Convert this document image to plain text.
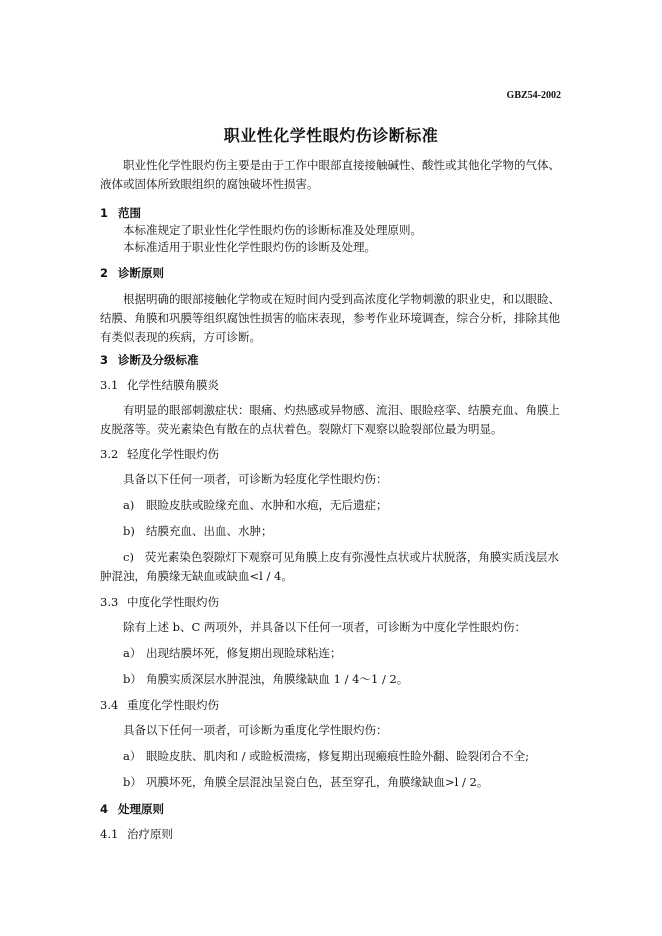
GBZ54-2002
职业性化学性眼灼伤诊断标准
职业性化学性眼灼伤主要是由于工作中眼部直接接触碱性、酸性或其他化学物的气体、液体或固体所致眼组织的腐蚀破坏性损害。
1 范围
本标准规定了职业性化学性眼灼伤的诊断标准及处理原则。
本标准适用于职业性化学性眼灼伤的诊断及处理。
2 诊断原则
根据明确的眼部接触化学物或在短时间内受到高浓度化学物刺激的职业史，和以眼睑、结膜、角膜和巩膜等组织腐蚀性损害的临床表现，参考作业环境调查，综合分析，排除其他有类似表现的疾病，方可诊断。
3 诊断及分级标准
3.1 化学性结膜角膜炎
有明显的眼部刺激症状：眼痛、灼热感或异物感、流泪、眼睑痉挛、结膜充血、角膜上皮脱落等。荧光素染色有散在的点状着色。裂隙灯下观察以睑裂部位最为明显。
3.2 轻度化学性眼灼伤
具备以下任何一项者，可诊断为轻度化学性眼灼伤：
a) 眼睑皮肤或睑缘充血、水肿和水疱，无后遗症；
b) 结膜充血、出血、水肿；
c) 荧光素染色裂隙灯下观察可见角膜上皮有弥漫性点状或片状脱落，角膜实质浅层水肿混浊，角膜缘无缺血或缺血<l / 4。
3.3 中度化学性眼灼伤
除有上述 b、C 两项外，并具备以下任何一项者，可诊断为中度化学性眼灼伤：
a） 出现结膜坏死，修复期出现睑球粘连；
b） 角膜实质深层水肿混浊，角膜缘缺血 1 / 4～1 / 2。
3.4 重度化学性眼灼伤
具备以下任何一项者，可诊断为重度化学性眼灼伤：
a） 眼睑皮肤、肌肉和 / 或睑板溃疡，修复期出现瘢痕性睑外翻、睑裂闭合不全;
b） 巩膜坏死，角膜全层混浊呈瓷白色，甚至穿孔，角膜缘缺血>l / 2。
4 处理原则
4.1 治疗原则
